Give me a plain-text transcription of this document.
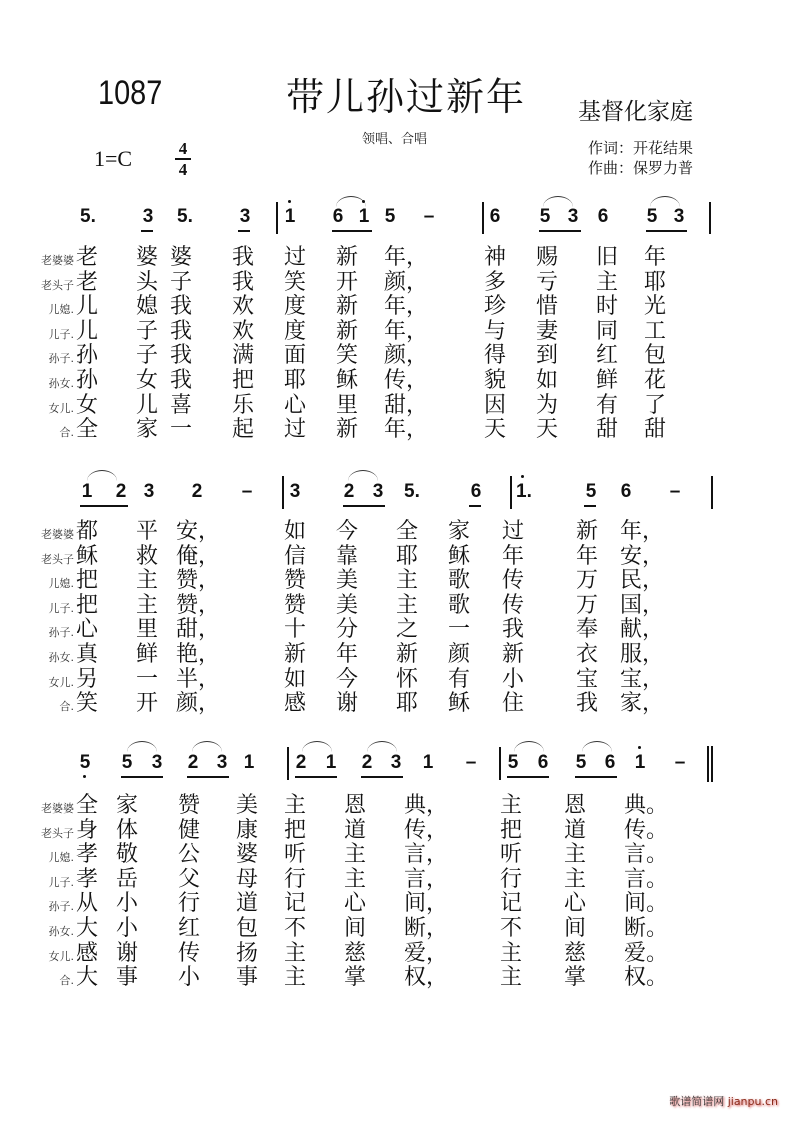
1087	带儿孙过新年 基督化家庭
领唱、合唱	作词：开花结果
作曲：保罗力普
1=C	4
4
5. 3 5. 3 1 6 1 5 –	6 5 3 6 5 3
老婆婆 老 婆 婆 我 过 新 年，	神 赐 旧 年
老头子 老 头 子 我 笑 开 颜，	多 亏 主 耶
儿媳. 儿 媳 我 欢 度 新 年，	珍 惜 时 光
儿子. 儿 子 我 欢 度 新 年，	与 妻 同 工
孙子. 孙 子 我 满 面 笑 颜，	得 到 红 包
孙女. 孙 女 我 把 耶 稣 传，	貌 如 鲜 花
女儿. 女 儿 喜 乐 心 里 甜，	因 为 有 了
合. 全 家 一 起 过 新 年，	天 天 甜 甜
1 2 3 2 – 3 2 3 5.	6 1.	5 6 –
老婆婆 都 平 安，	如 今 全 家 过 新 年，
老头子 稣 救 俺，	信 靠 耶 稣 年 年 安，
儿媳. 把 主 赞，	赞 美 主 歌 传 万 民，
儿子. 把 主 赞，	赞 美 主 歌 传 万 国，
孙子. 心 里 甜，	十 分 之 一 我 奉 献，
孙女. 真 鲜 艳，	新 年 新 颜 新 衣 服，
女儿. 另 一 半，	如 今 怀 有 小 宝 宝，
合. 笑 开 颜，	感 谢 耶 稣 住 我 家，
5 5 3 2 3 1 2 1 2 3 1 – 5 6 5 6 1 –
老婆婆 全 家 赞 美 主 恩 典， 主 恩 典。
老头子 身 体 健 康 把 道 传， 把 道 传。
儿媳. 孝 敬 公 婆 听 主 言， 听 主 言。
儿子. 孝 岳 父 母 行 主 言， 行 主 言。
孙子. 从 小 行 道 记 心 间， 记 心 间。
孙女. 大 小 红 包 不 间 断， 不 间 断。
女儿. 感 谢 传 扬 主 慈 爱， 主 慈 爱。
合. 大 事 小 事 主 掌 权， 主 掌 权。
歌谱简谱网 jianpu.cn
